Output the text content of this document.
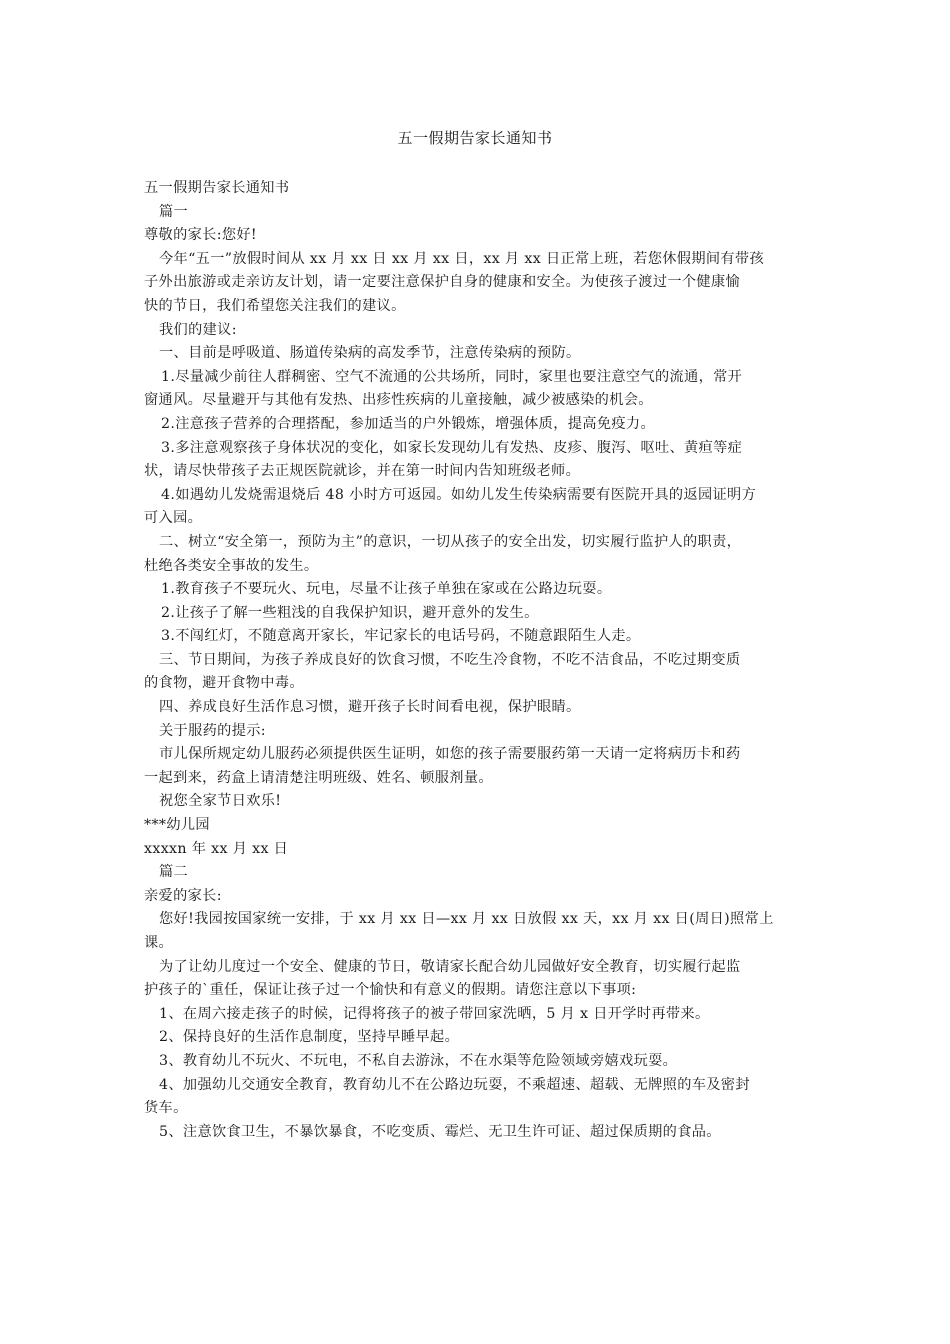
五一假期告家长通知书
五一假期告家长通知书
篇一
尊敬的家长:您好!
今年“五一”放假时间从 xx 月 xx 日 xx 月 xx 日，xx 月 xx 日正常上班，若您休假期间有带孩
子外出旅游或走亲访友计划，请一定要注意保护自身的健康和安全。为使孩子渡过一个健康愉
快的节日，我们希望您关注我们的建议。
我们的建议:
一、目前是呼吸道、肠道传染病的高发季节，注意传染病的预防。
1.尽量减少前往人群稠密、空气不流通的公共场所，同时，家里也要注意空气的流通，常开
窗通风。尽量避开与其他有发热、出疹性疾病的儿童接触，减少被感染的机会。
2.注意孩子营养的合理搭配，参加适当的户外锻炼，增强体质，提高免疫力。
3.多注意观察孩子身体状况的变化，如家长发现幼儿有发热、皮疹、腹泻、呕吐、黄疸等症
状，请尽快带孩子去正规医院就诊，并在第一时间内告知班级老师。
4.如遇幼儿发烧需退烧后 48 小时方可返园。如幼儿发生传染病需要有医院开具的返园证明方
可入园。
二、树立“安全第一，预防为主”的意识，一切从孩子的安全出发，切实履行监护人的职责，
杜绝各类安全事故的发生。
1.教育孩子不要玩火、玩电，尽量不让孩子单独在家或在公路边玩耍。
2.让孩子了解一些粗浅的自我保护知识，避开意外的发生。
3.不闯红灯，不随意离开家长，牢记家长的电话号码，不随意跟陌生人走。
三、节日期间，为孩子养成良好的饮食习惯，不吃生冷食物，不吃不洁食品，不吃过期变质
的食物，避开食物中毒。
四、养成良好生活作息习惯，避开孩子长时间看电视，保护眼睛。
关于服药的提示:
市儿保所规定幼儿服药必须提供医生证明，如您的孩子需要服药第一天请一定将病历卡和药
一起到来，药盒上请清楚注明班级、姓名、顿服剂量。
祝您全家节日欢乐!
***幼儿园
xxxxn 年 xx 月 xx 日
篇二
亲爱的家长:
您好!我园按国家统一安排，于 xx 月 xx 日—xx 月 xx 日放假 xx 天，xx 月 xx 日(周日)照常上
课。
为了让幼儿度过一个安全、健康的节日，敬请家长配合幼儿园做好安全教育，切实履行起监
护孩子的`重任，保证让孩子过一个愉快和有意义的假期。请您注意以下事项:
1、在周六接走孩子的时候，记得将孩子的被子带回家洗晒，5 月 x 日开学时再带来。
2、保持良好的生活作息制度，坚持早睡早起。
3、教育幼儿不玩火、不玩电，不私自去游泳，不在水渠等危险领域旁嬉戏玩耍。
4、加强幼儿交通安全教育，教育幼儿不在公路边玩耍，不乘超速、超载、无牌照的车及密封
货车。
5、注意饮食卫生，不暴饮暴食，不吃变质、霉烂、无卫生许可证、超过保质期的食品。
